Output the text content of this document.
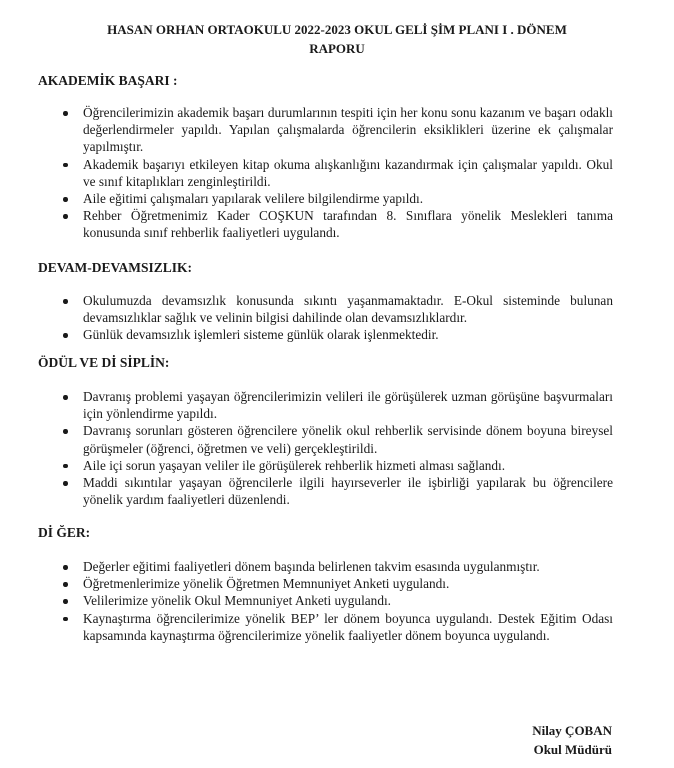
HASAN ORHAN ORTAOKULU 2022-2023 OKUL GELİ ŞİM PLANI I . DÖNEM
RAPORU
AKADEMİK BAŞARI :
Öğrencilerimizin akademik başarı durumlarının tespiti için her konu sonu kazanım ve başarı odaklı değerlendirmeler yapıldı. Yapılan çalışmalarda öğrencilerin eksiklikleri üzerine ek çalışmalar yapılmıştır.
Akademik başarıyı etkileyen kitap okuma alışkanlığını kazandırmak için çalışmalar yapıldı. Okul ve sınıf kitaplıkları zenginleştirildi.
Aile eğitimi çalışmaları yapılarak velilere bilgilendirme yapıldı.
Rehber Öğretmenimiz Kader COŞKUN tarafından 8. Sınıflara yönelik Meslekleri tanıma konusunda sınıf rehberlik faaliyetleri uygulandı.
DEVAM-DEVAMSIZLIK:
Okulumuzda devamsızlık konusunda sıkıntı yaşanmamaktadır. E-Okul sisteminde bulunan devamsızlıklar sağlık ve velinin bilgisi dahilinde olan devamsızlıklardır.
Günlük devamsızlık işlemleri sisteme günlük olarak işlenmektedir.
ÖDÜL VE Dİ SİPLİN:
Davranış problemi yaşayan öğrencilerimizin velileri ile görüşülerek uzman görüşüne başvurmaları için yönlendirme yapıldı.
Davranış sorunları gösteren öğrencilere yönelik okul rehberlik servisinde dönem boyuna bireysel görüşmeler (öğrenci, öğretmen ve veli) gerçekleştirildi.
Aile içi sorun yaşayan veliler ile görüşülerek rehberlik hizmeti alması sağlandı.
Maddi sıkıntılar yaşayan öğrencilerle ilgili hayırseverler ile işbirliği yapılarak bu öğrencilere yönelik yardım faaliyetleri düzenlendi.
Dİ ĞER:
Değerler eğitimi faaliyetleri dönem başında belirlenen takvim esasında uygulanmıştır.
Öğretmenlerimize yönelik Öğretmen Memnuniyet Anketi uygulandı.
Velilerimize yönelik Okul Memnuniyet Anketi uygulandı.
Kaynaştırma öğrencilerimize yönelik BEP’ ler dönem boyunca uygulandı. Destek Eğitim Odası kapsamında kaynaştırma öğrencilerimize yönelik faaliyetler dönem boyunca uygulandı.
Nilay ÇOBAN
Okul Müdürü
